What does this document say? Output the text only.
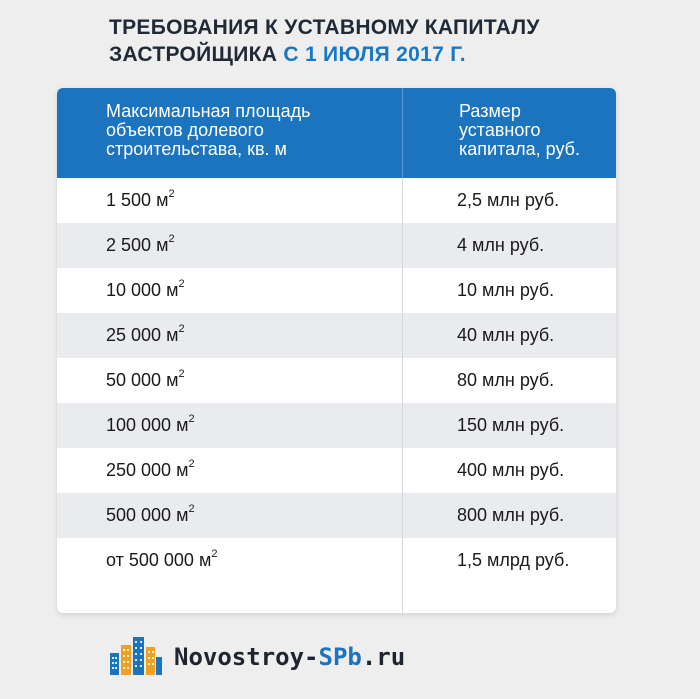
ТРЕБОВАНИЯ К УСТАВНОМУ КАПИТАЛУ
ЗАСТРОЙЩИКА С 1 ИЮЛЯ 2017 Г.
Максимальная площадь
объектов долевого
строительстава, кв. м
Размер
уставного
капитала, руб.
1 500 $м^2$	2,5 млн руб.
2 500 $м^2$	4 млн руб.
10 000 $м^2$	10 млн руб.
25 000 $м^2$	40 млн руб.
50 000 $м^2$	80 млн руб.
100 000 $м^2$	150 млн руб.
250 000 $м^2$	400 млн руб.
500 000 $м^2$	800 млн руб.
от 500 000 $м^2$	1,5 млрд руб.
Novostroy-SPb.ru
